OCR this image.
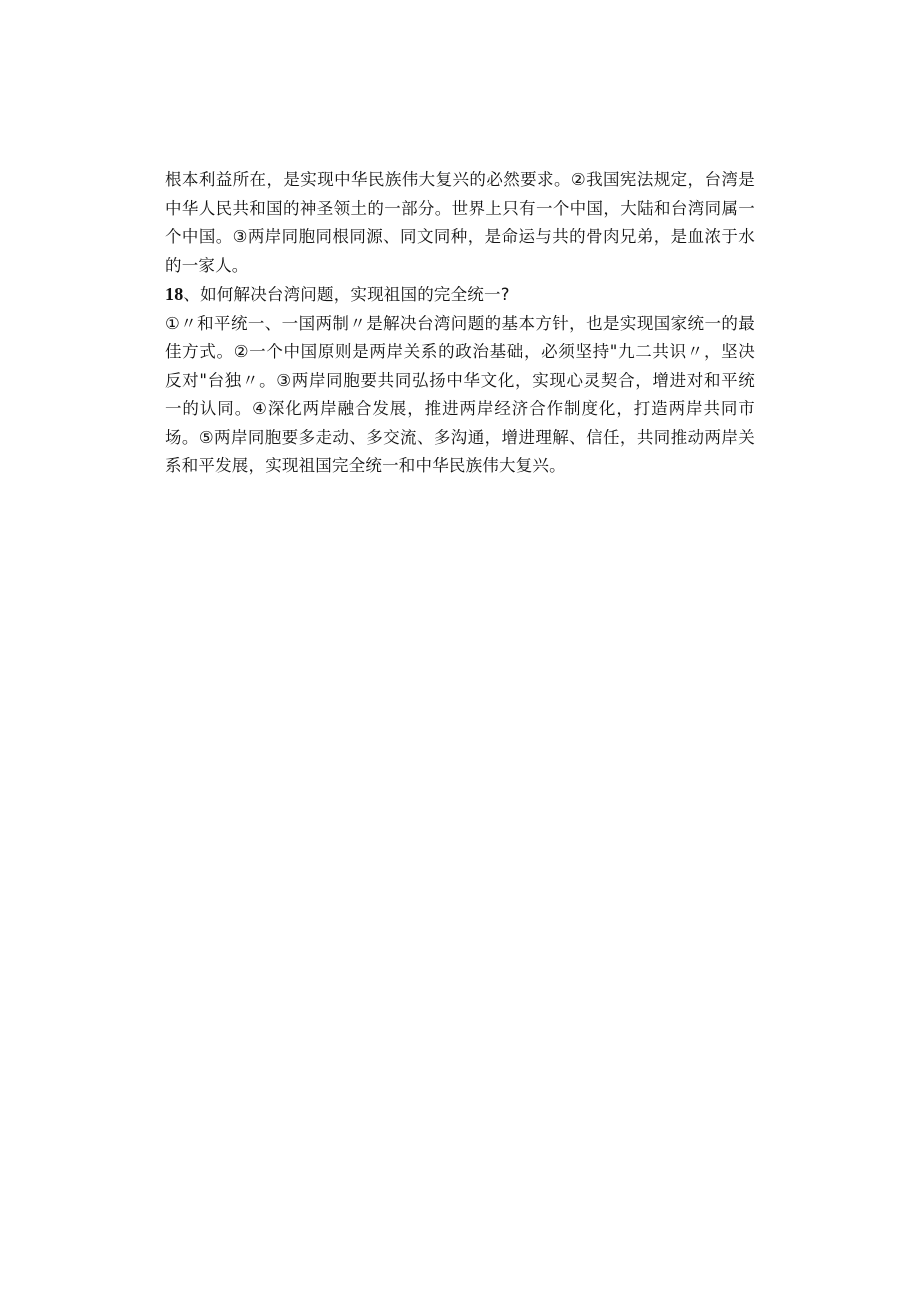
根本利益所在，是实现中华民族伟大复兴的必然要求。②我国宪法规定，台湾是中华人民共和国的神圣领土的一部分。世界上只有一个中国，大陆和台湾同属一个中国。③两岸同胞同根同源、同文同种，是命运与共的骨肉兄弟，是血浓于水的一家人。

18、如何解决台湾问题，实现祖国的完全统一?

①〃和平统一、一国两制〃是解决台湾问题的基本方针，也是实现国家统一的最佳方式。②一个中国原则是两岸关系的政治基础，必须坚持"九二共识〃，坚决反对"台独〃。③两岸同胞要共同弘扬中华文化，实现心灵契合，增进对和平统一的认同。④深化两岸融合发展，推进两岸经济合作制度化，打造两岸共同市场。⑤两岸同胞要多走动、多交流、多沟通，增进理解、信任，共同推动两岸关系和平发展，实现祖国完全统一和中华民族伟大复兴。
